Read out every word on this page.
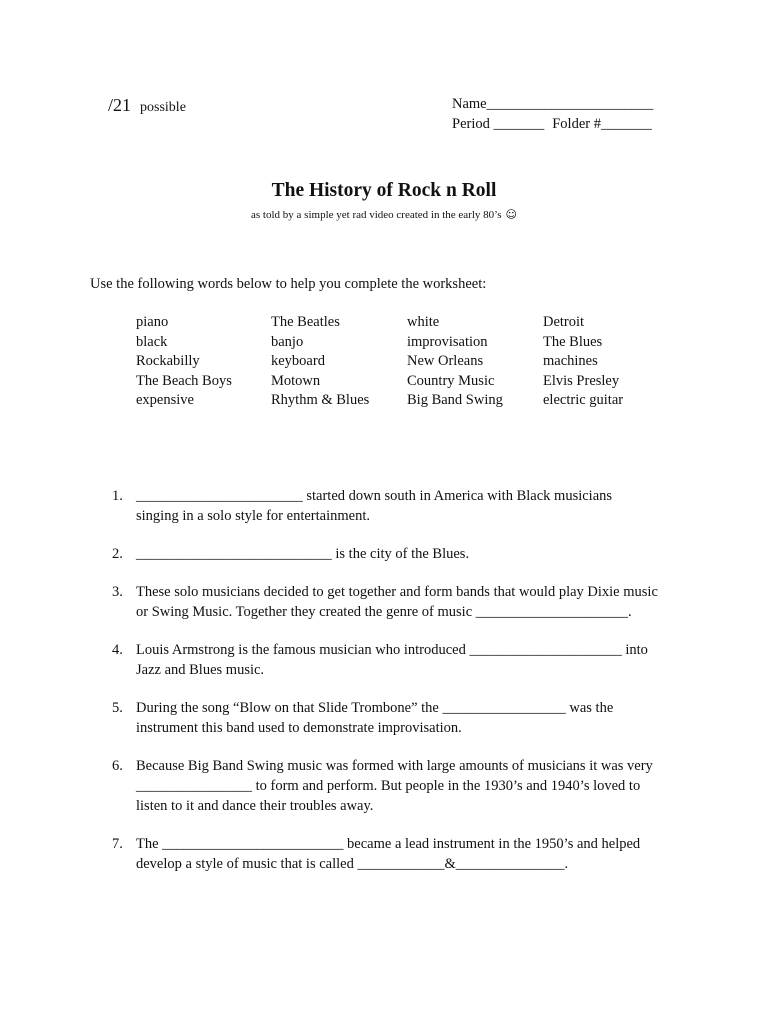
/21 possible	Name_______________________
Period _______ Folder #_______
The History of Rock n Roll
as told by a simple yet rad video created in the early 80’s ☺
Use the following words below to help you complete the worksheet:
piano	The Beatles	white	Detroit
black	banjo	improvisation	The Blues
Rockabilly	keyboard	New Orleans	machines
The Beach Boys	Motown	Country Music	Elvis Presley
expensive	Rhythm & Blues	Big Band Swing	electric guitar
1. _______________________ started down south in America with Black musicians
singing in a solo style for entertainment.
2. ___________________________ is the city of the Blues.
3. These solo musicians decided to get together and form bands that would play Dixie music
or Swing Music. Together they created the genre of music _____________________.
4. Louis Armstrong is the famous musician who introduced _____________________ into
Jazz and Blues music.
5. During the song “Blow on that Slide Trombone” the _________________ was the
instrument this band used to demonstrate improvisation.
6. Because Big Band Swing music was formed with large amounts of musicians it was very
________________ to form and perform. But people in the 1930’s and 1940’s loved to
listen to it and dance their troubles away.
7. The _________________________ became a lead instrument in the 1950’s and helped
develop a style of music that is called ____________&_______________.
